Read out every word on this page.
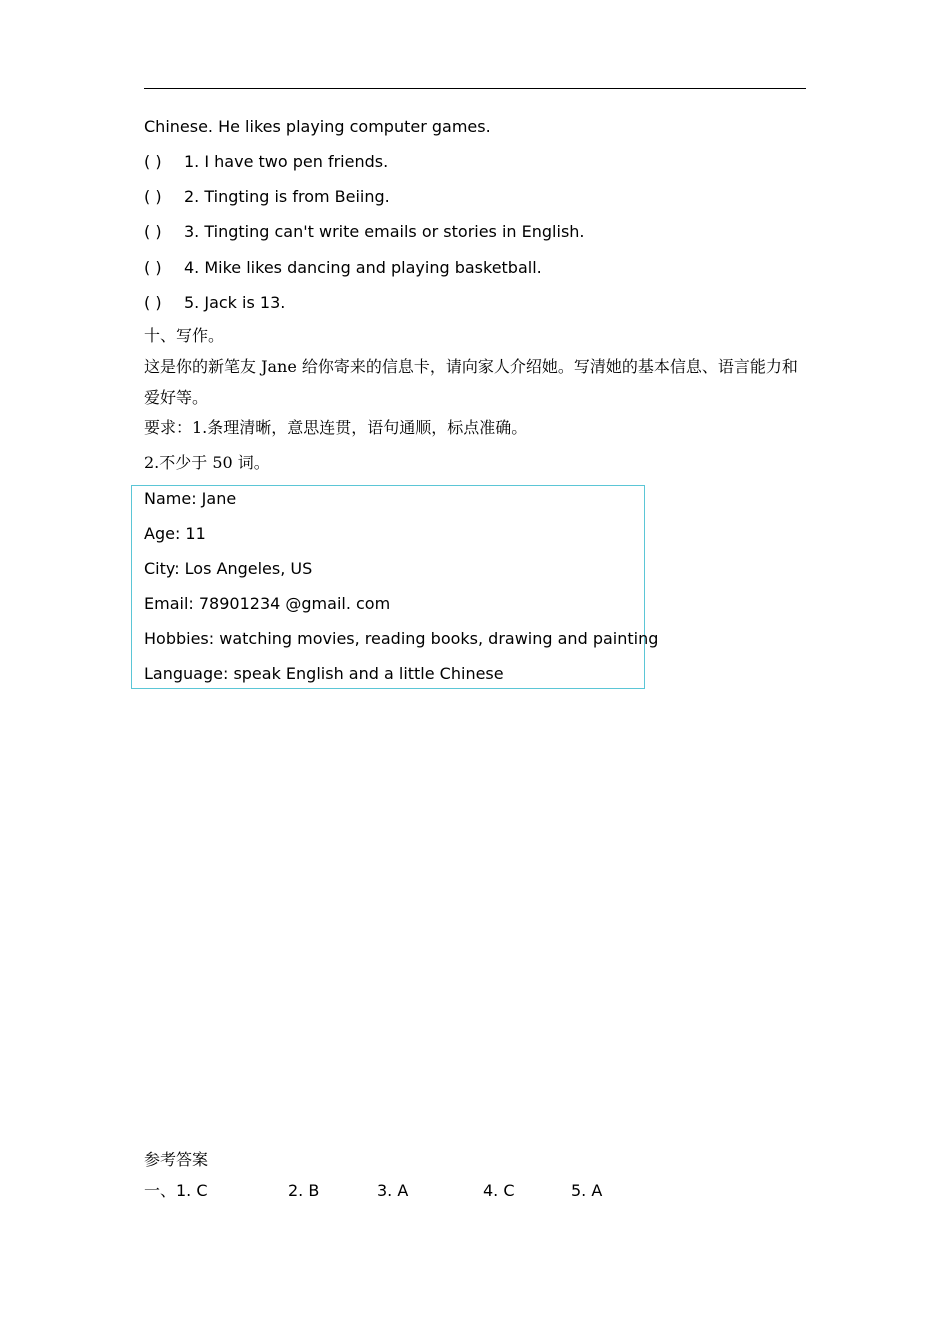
Chinese. He likes playing computer games.
( ) 1. I have two pen friends.
( ) 2. Tingting is from Beiing.
( ) 3. Tingting can't write emails or stories in English.
( ) 4. Mike likes dancing and playing basketball.
( ) 5. Jack is 13.
十、写作。
这是你的新笔友 Jane 给你寄来的信息卡，请向家人介绍她。写清她的基本信息、语言能力和爱好等。
要求：1.条理清晰，意思连贯，语句通顺，标点准确。
2.不少于 50 词。
Name: Jane
Age: 11
City: Los Angeles, US
Email: 78901234 @gmail. com
Hobbies: watching movies, reading books, drawing and painting
Language: speak English and a little Chinese
参考答案
一、1. C	2. B	3. A	4. C	5. A
